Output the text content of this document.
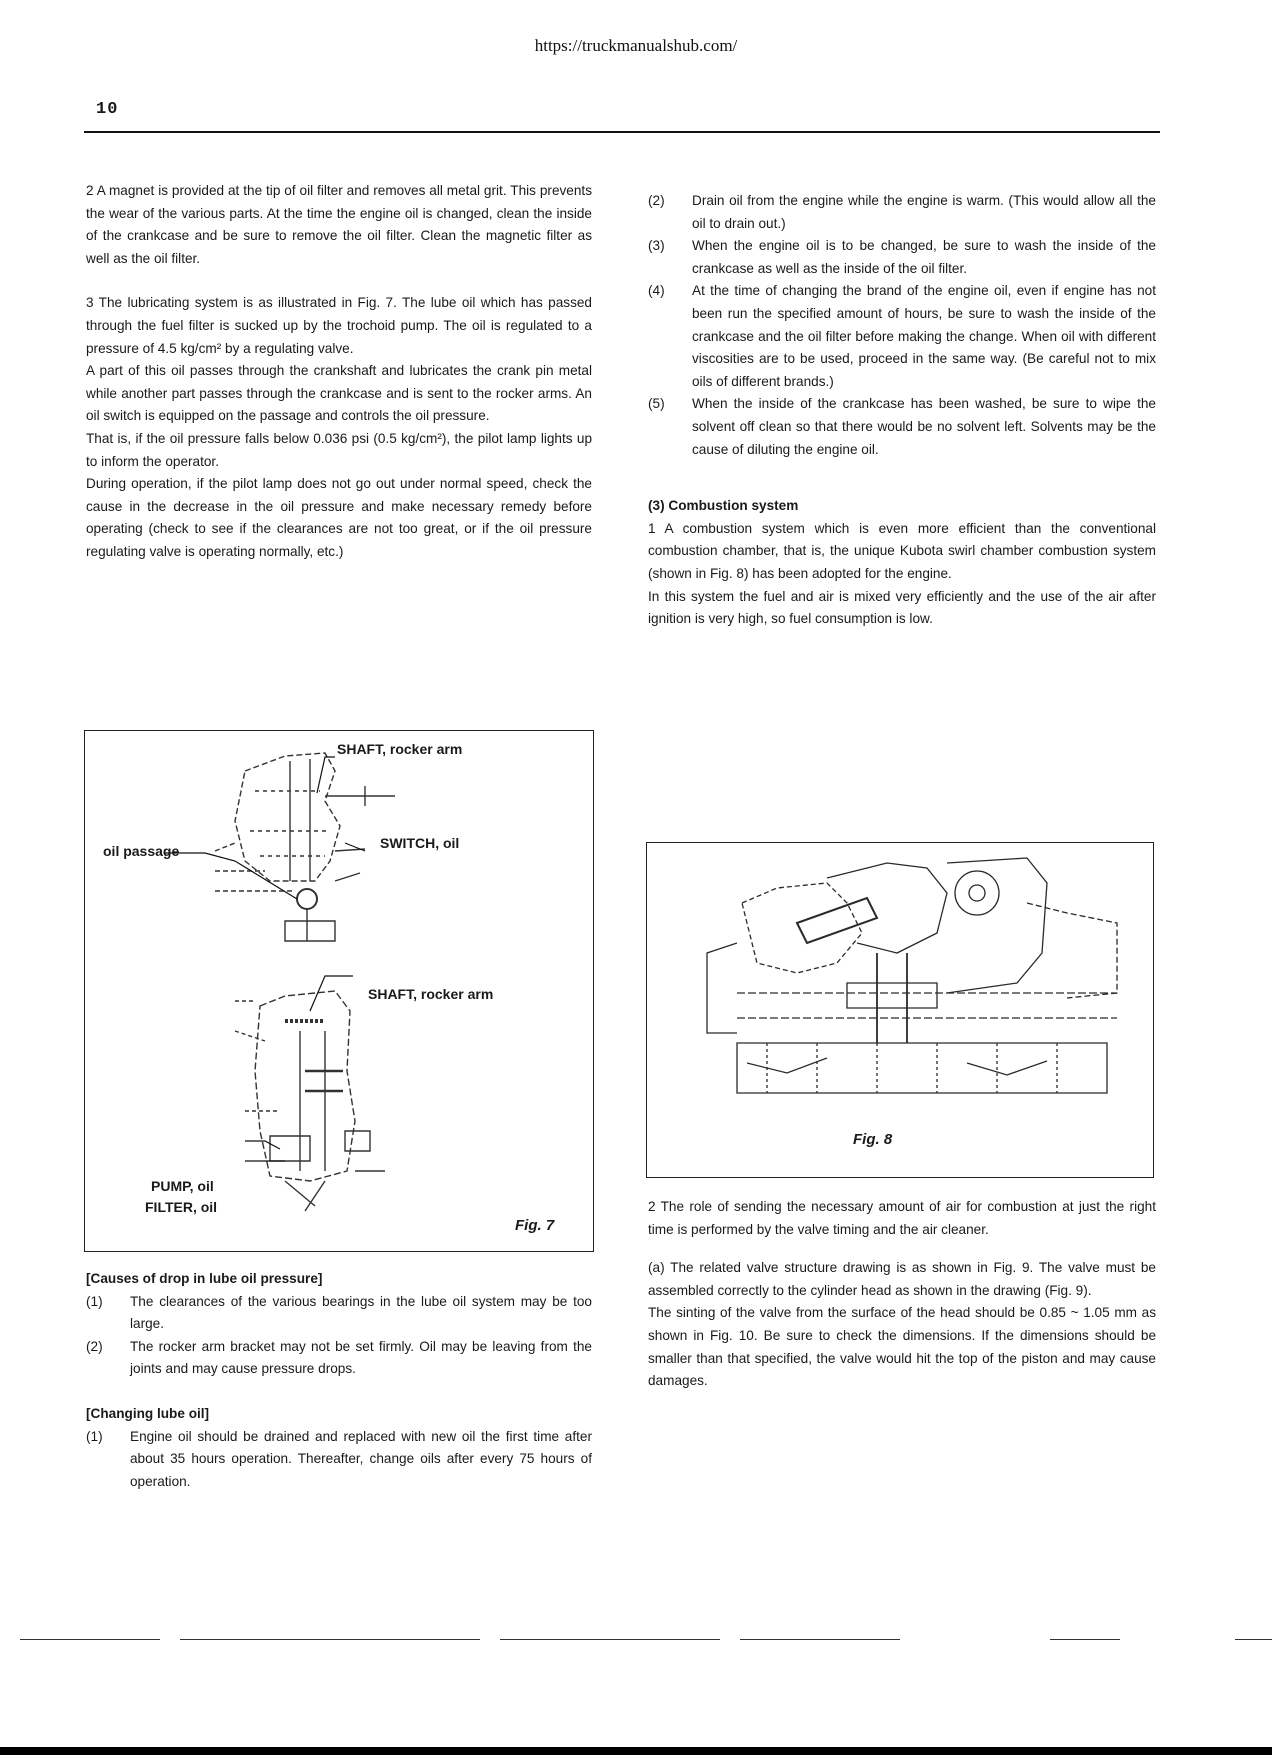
https://truckmanualshub.com/
10

2 A magnet is provided at the tip of oil filter and removes all metal grit. This prevents the wear of the various parts. At the time the engine oil is changed, clean the inside of the crankcase and be sure to remove the oil filter. Clean the magnetic filter as well as the oil filter.

3 The lubricating system is as illustrated in Fig. 7. The lube oil which has passed through the fuel filter is sucked up by the trochoid pump. The oil is regulated to a pressure of 4.5 kg/cm² by a regulating valve.

A part of this oil passes through the crankshaft and lubricates the crank pin metal while another part passes through the crankcase and is sent to the rocker arms. An oil switch is equipped on the passage and controls the oil pressure.

That is, if the oil pressure falls below 0.036 psi (0.5 kg/cm²), the pilot lamp lights up to inform the operator.

During operation, if the pilot lamp does not go out under normal speed, check the cause in the decrease in the oil pressure and make necessary remedy before operating (check to see if the clearances are not too great, or if the oil pressure regulating valve is operating normally, etc.)

SHAFT, rocker arm
oil passage	SWITCH, oil
SHAFT, rocker arm
PUMP, oil
FILTER, oil
Fig. 7
[Causes of drop in lube oil pressure]
(1)	The clearances of the various bearings in the lube oil system may be too large.
(2)	The rocker arm bracket may not be set firmly. Oil may be leaving from the joints and may cause pressure drops.
[Changing lube oil]
(1)	Engine oil should be drained and replaced with new oil the first time after about 35 hours operation. Thereafter, change oils after every 75 hours of operation.
(2)	Drain oil from the engine while the engine is warm. (This would allow all the oil to drain out.)
(3)	When the engine oil is to be changed, be sure to wash the inside of the crankcase as well as the inside of the oil filter.
(4)	At the time of changing the brand of the engine oil, even if engine has not been run the specified amount of hours, be sure to wash the inside of the crankcase and the oil filter before making the change. When oil with different viscosities are to be used, proceed in the same way. (Be careful not to mix oils of different brands.)
(5)	When the inside of the crankcase has been washed, be sure to wipe the solvent off clean so that there would be no solvent left. Solvents may be the cause of diluting the engine oil.
(3) Combustion system

1 A combustion system which is even more efficient than the conventional combustion chamber, that is, the unique Kubota swirl chamber combustion system (shown in Fig. 8) has been adopted for the engine.

In this system the fuel and air is mixed very efficiently and the use of the air after ignition is very high, so fuel consumption is low.

Fig. 8

2 The role of sending the necessary amount of air for combustion at just the right time is performed by the valve timing and the air cleaner.

(a) The related valve structure drawing is as shown in Fig. 9. The valve must be assembled correctly to the cylinder head as shown in the drawing (Fig. 9).

The sinting of the valve from the surface of the head should be 0.85 ~ 1.05 mm as shown in Fig. 10. Be sure to check the dimensions. If the dimensions should be smaller than that specified, the valve would hit the top of the piston and may cause damages.
